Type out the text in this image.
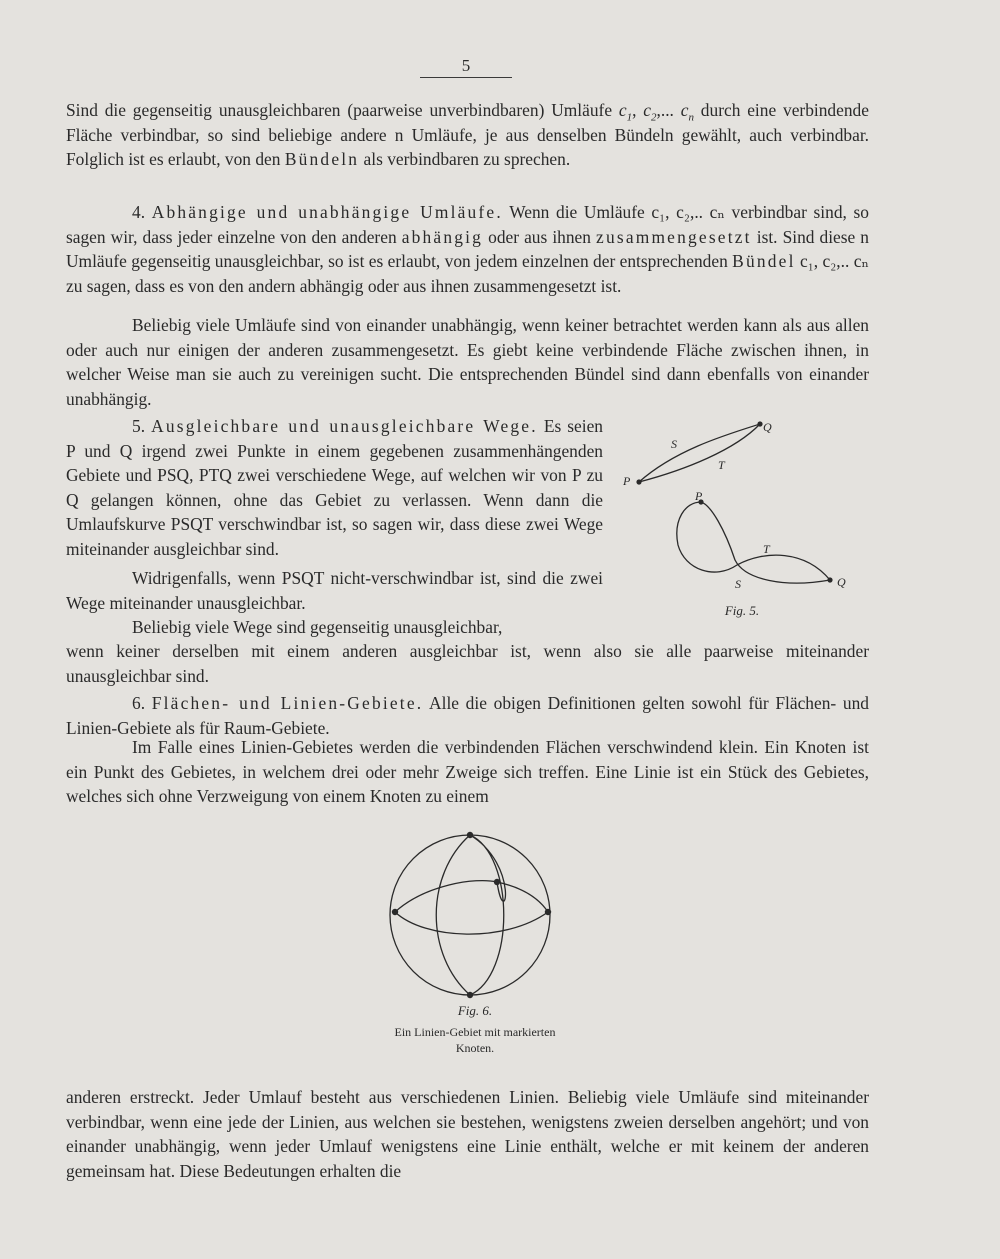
5

Sind die gegenseitig unausgleichbaren (paarweise unverbindbaren) Umläufe $c_1$, $c_2$,... $c_n$ durch eine verbindende Fläche verbindbar, so sind beliebige andere n Umläufe, je aus denselben Bündeln gewählt, auch verbindbar. Folglich ist es erlaubt, von den Bündeln als verbindbaren zu sprechen.

4. Abhängige und unabhängige Umläufe. Wenn die Umläufe c₁, c₂,.. cₙ verbindbar sind, so sagen wir, dass jeder einzelne von den anderen abhängig oder aus ihnen zusammengesetzt ist. Sind diese n Umläufe gegenseitig unausgleichbar, so ist es erlaubt, von jedem einzelnen der entsprechenden Bündel c₁, c₂,.. cₙ zu sagen, dass es von den andern abhängig oder aus ihnen zusammengesetzt ist.

Beliebig viele Umläufe sind von einander unabhängig, wenn keiner betrachtet werden kann als aus allen oder auch nur einigen der anderen zusammengesetzt. Es giebt keine verbindende Fläche zwischen ihnen, in welcher Weise man sie auch zu vereinigen sucht. Die entsprechenden Bündel sind dann ebenfalls von einander unabhängig.

5. Ausgleichbare und unausgleichbare Wege. Es seien P und Q irgend zwei Punkte in einem gegebenen zusammenhängenden Gebiete und PSQ, PTQ zwei verschiedene Wege, auf welchen wir von P zu Q gelangen können, ohne das Gebiet zu verlassen. Wenn dann die Umlaufskurve PSQT verschwindbar ist, so sagen wir, dass diese zwei Wege miteinander ausgleichbar sind.

Widrigenfalls, wenn PSQT nicht-verschwindbar ist, sind die zwei Wege miteinander unausgleichbar.

Beliebig viele Wege sind gegenseitig unausgleichbar,

wenn keiner derselben mit einem anderen ausgleichbar ist, wenn also sie alle paarweise miteinander unausgleichbar sind.

6. Flächen- und Linien-Gebiete. Alle die obigen Definitionen gelten sowohl für Flächen- und Linien-Gebiete als für Raum-Gebiete.

Im Falle eines Linien-Gebietes werden die verbindenden Flächen verschwindend klein. Ein Knoten ist ein Punkt des Gebietes, in welchem drei oder mehr Zweige sich treffen. Eine Linie ist ein Stück des Gebietes, welches sich ohne Verzweigung von einem Knoten zu einem

anderen erstreckt. Jeder Umlauf besteht aus verschiedenen Linien. Beliebig viele Umläufe sind miteinander verbindbar, wenn eine jede der Linien, aus welchen sie bestehen, wenigstens zweien derselben angehört; und von einander unabhängig, wenn jeder Umlauf wenigstens eine Linie enthält, welche er mit keinem der anderen gemeinsam hat. Diese Bedeutungen erhalten die

Q
S
T
P
P
T
S	Q
Fig. 5.
Fig. 6.
Ein Linien-Gebiet mit markierten
Knoten.
